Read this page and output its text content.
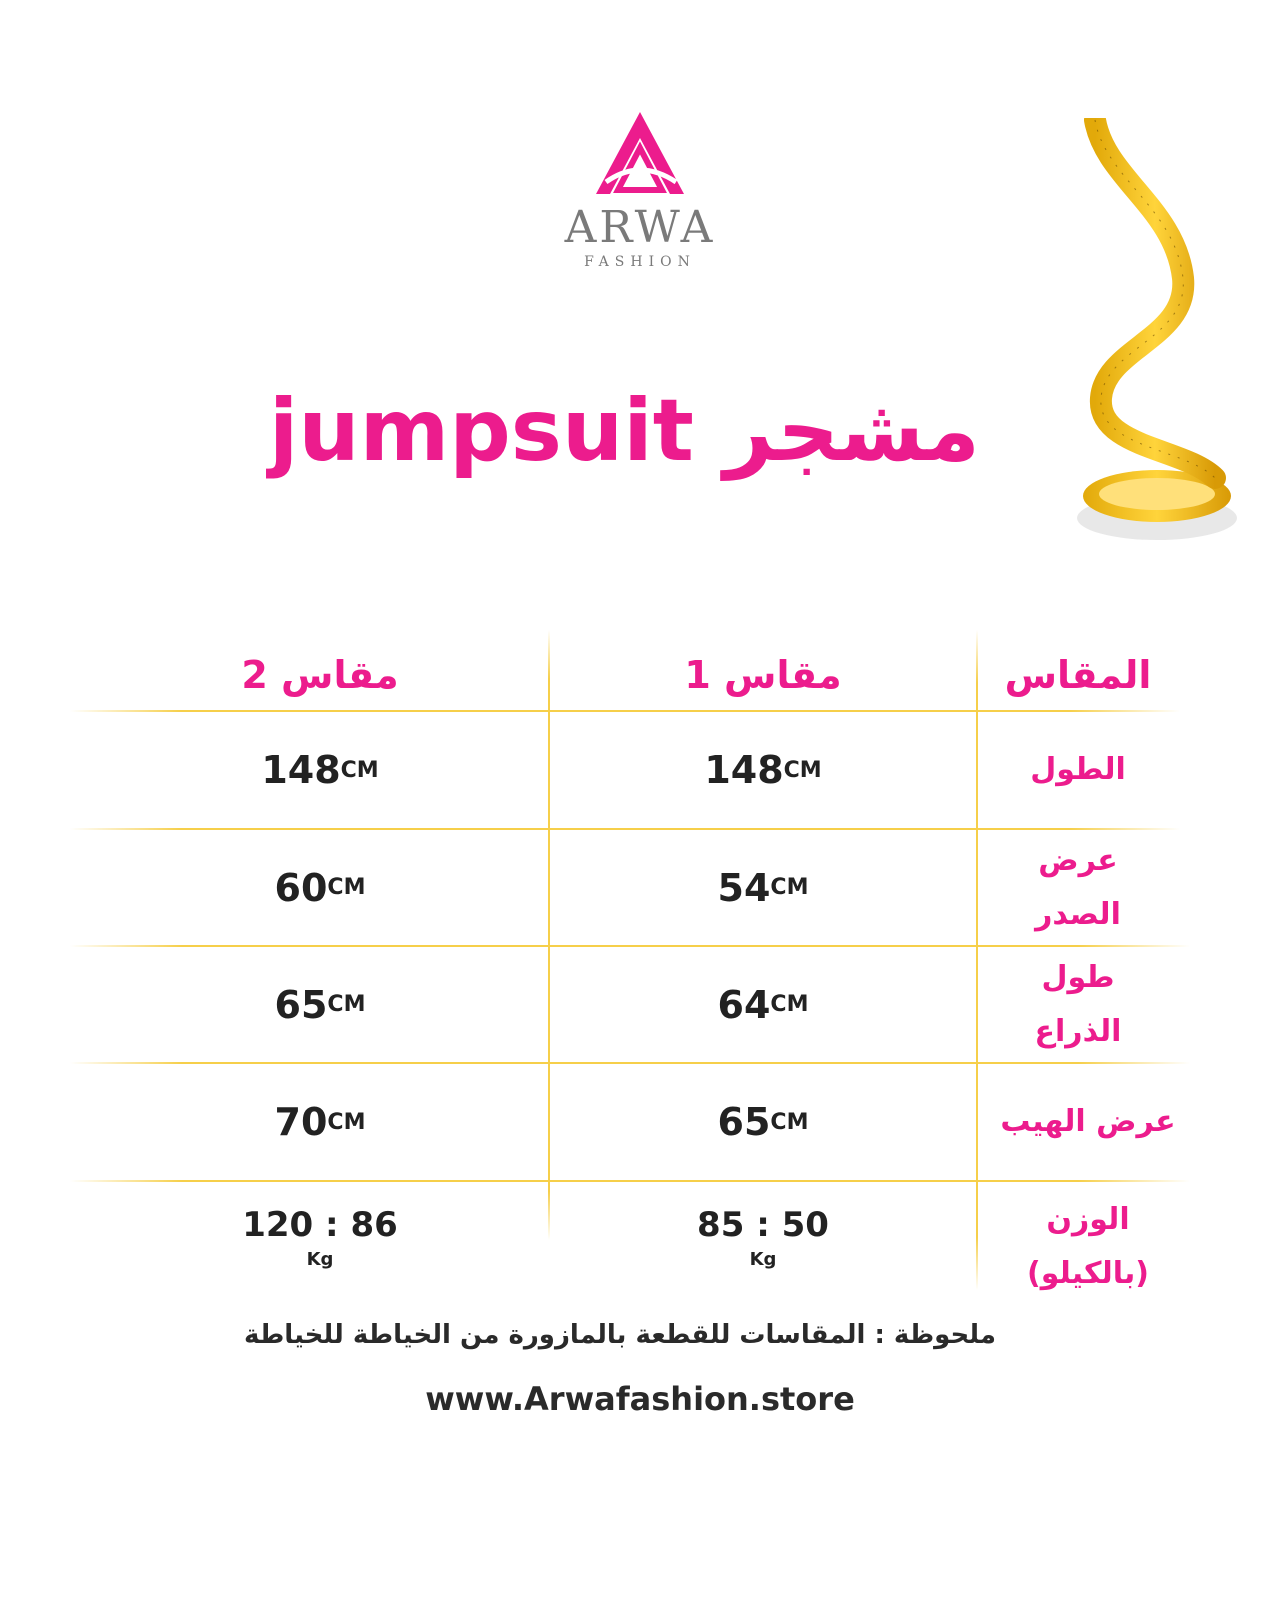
ARWA
FASHION
مشجر jumpsuit
المقاس
مقاس 1
مقاس 2
الطول
148 CM
148 CM
عرض
الصدر
54 CM
60 CM
طول
الذراع
64 CM
65 CM
عرض الهيب
65 CM
70 CM
الوزن
(بالكيلو)
85 : 50
Kg
120 : 86
Kg
ملحوظة : المقاسات للقطعة بالمازورة من الخياطة للخياطة
www.Arwafashion.store
